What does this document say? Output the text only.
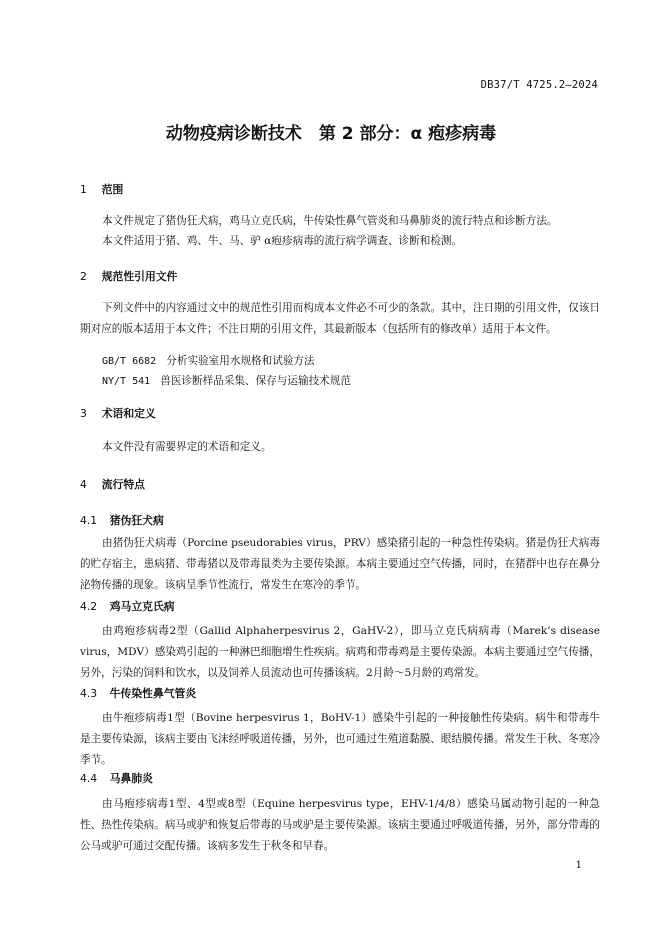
DB37/T 4725.2—2024
动物疫病诊断技术　第 2 部分：α 疱疹病毒
1 范围
本文件规定了猪伪狂犬病，鸡马立克氏病，牛传染性鼻气管炎和马鼻肺炎的流行特点和诊断方法。
本文件适用于猪、鸡、牛、马、驴 α疱疹病毒的流行病学调查、诊断和检测。
2 规范性引用文件
下列文件中的内容通过文中的规范性引用而构成本文件必不可少的条款。其中，注日期的引用文件，仅该日期对应的版本适用于本文件；不注日期的引用文件，其最新版本（包括所有的修改单）适用于本文件。
GB/T 6682 分析实验室用水规格和试验方法
NY/T 541 兽医诊断样品采集、保存与运输技术规范
3 术语和定义
本文件没有需要界定的术语和定义。
4 流行特点
4.1 猪伪狂犬病
由猪伪狂犬病毒（Porcine pseudorabies virus，PRV）感染猪引起的一种急性传染病。猪是伪狂犬病毒的贮存宿主，患病猪、带毒猪以及带毒鼠类为主要传染源。本病主要通过空气传播，同时，在猪群中也存在鼻分泌物传播的现象。该病呈季节性流行，常发生在寒冷的季节。
4.2 鸡马立克氏病
由鸡疱疹病毒2型（Gallid Alphaherpesvirus 2，GaHV-2），即马立克氏病病毒（Marek’s disease virus，MDV）感染鸡引起的一种淋巴细胞增生性疾病。病鸡和带毒鸡是主要传染源。本病主要通过空气传播，另外，污染的饲料和饮水，以及饲养人员流动也可传播该病。2月龄～5月龄的鸡常发。
4.3 牛传染性鼻气管炎
由牛疱疹病毒1型（Bovine herpesvirus 1，BoHV-1）感染牛引起的一种接触性传染病。病牛和带毒牛是主要传染源，该病主要由飞沫经呼吸道传播，另外，也可通过生殖道黏膜、眼结膜传播。常发生于秋、冬寒冷季节。
4.4 马鼻肺炎
由马疱疹病毒1型、4型或8型（Equine herpesvirus type，EHV-1/4/8）感染马属动物引起的一种急性、热性传染病。病马或驴和恢复后带毒的马或驴是主要传染源。该病主要通过呼吸道传播，另外，部分带毒的公马或驴可通过交配传播。该病多发生于秋冬和早春。
1
